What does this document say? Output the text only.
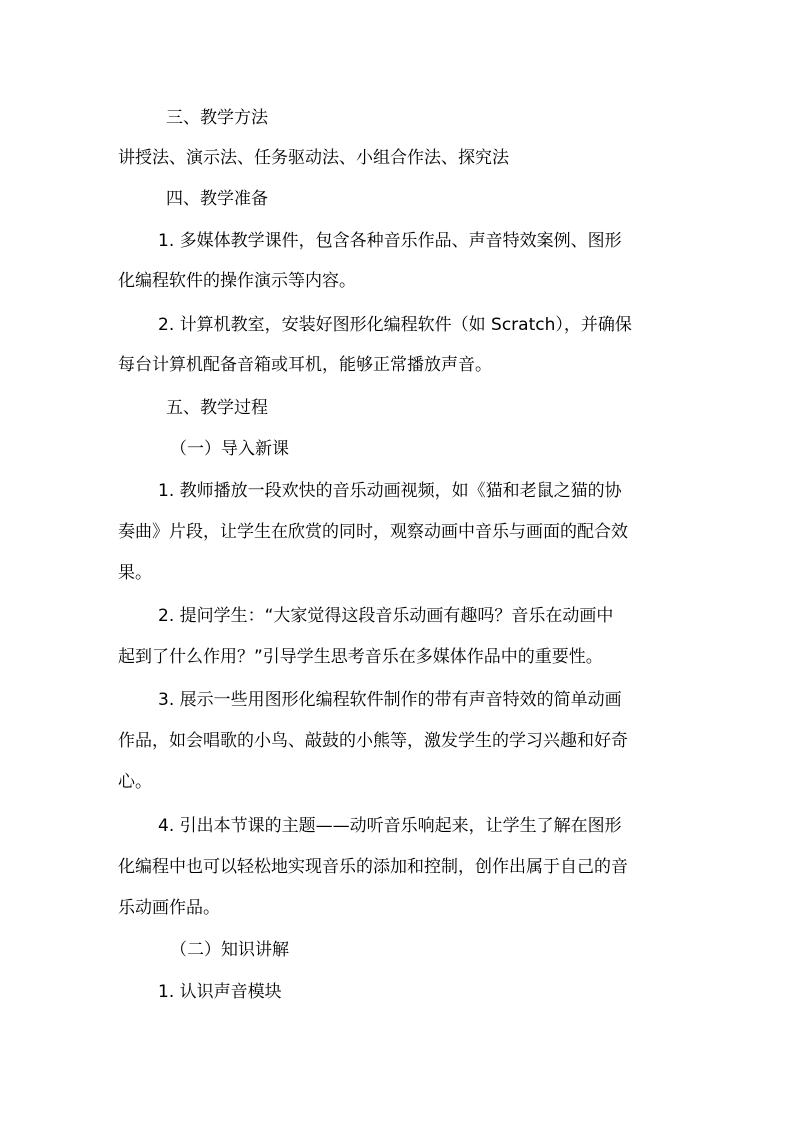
三、教学方法
讲授法、演示法、任务驱动法、小组合作法、探究法
四、教学准备
1. 多媒体教学课件，包含各种音乐作品、声音特效案例、图形
化编程软件的操作演示等内容。
2. 计算机教室，安装好图形化编程软件（如 Scratch），并确保
每台计算机配备音箱或耳机，能够正常播放声音。
五、教学过程
（一）导入新课
1. 教师播放一段欢快的音乐动画视频，如《猫和老鼠之猫的协
奏曲》片段，让学生在欣赏的同时，观察动画中音乐与画面的配合效
果。
2. 提问学生：“大家觉得这段音乐动画有趣吗？音乐在动画中
起到了什么作用？”引导学生思考音乐在多媒体作品中的重要性。
3. 展示一些用图形化编程软件制作的带有声音特效的简单动画
作品，如会唱歌的小鸟、敲鼓的小熊等，激发学生的学习兴趣和好奇
心。
4. 引出本节课的主题——动听音乐响起来，让学生了解在图形
化编程中也可以轻松地实现音乐的添加和控制，创作出属于自己的音
乐动画作品。
（二）知识讲解
1. 认识声音模块
